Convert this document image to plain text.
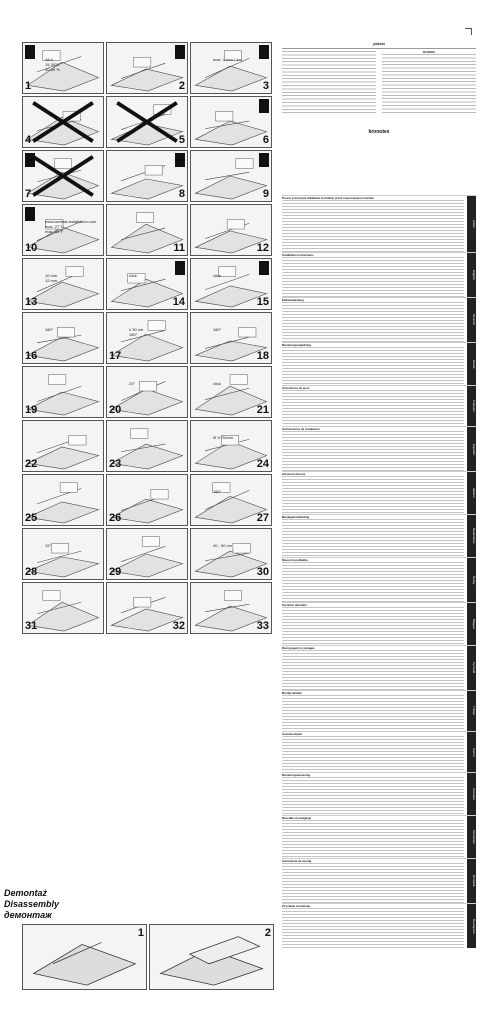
48 h
15-30°C
50-60 %
1	2
max. 3 mm / 1m
3
4	5	6
7	8	9
www.laminat-installation.com
max. 27°C
max. 81°F
10	11	12
10 mm
12 mm
13
click
14
click
15
180°
16
≥ 30 cm
180°
17
180°
18
19
20°
20
click
21
22	23
Ø X+30mm
24
25	26
180°
27
15°
28	29
40 - 50 cm
30
31	32	33
Demontaż
Disassembly
демонтаж
1	2
polski

WARNING

kronotex
Prosze przeczytać dokładnie instrukcje przed rozpoczęciem montażu
polski
Installation instructions
English
Einbauanleitung
Deutsch
Monteringsvejledning
Dansk
Instructions de pose
Français
Instrucciones de instalación
Español
Istruzioni di posa
Italiano
Montagehandleiding
Nederlands
Návod na pokládku
Česky
Szerelési útmutató
Magyar
Инструкция по укладке
Русский
Montaj talimatı
Türkçe
Asennusohjeet
Suomi
Monteringsanvisning
Svenska
Navodila za polaganje
Slovensko
Instrucțiuni de montaj
Română
Упътване за монтаж
Български
